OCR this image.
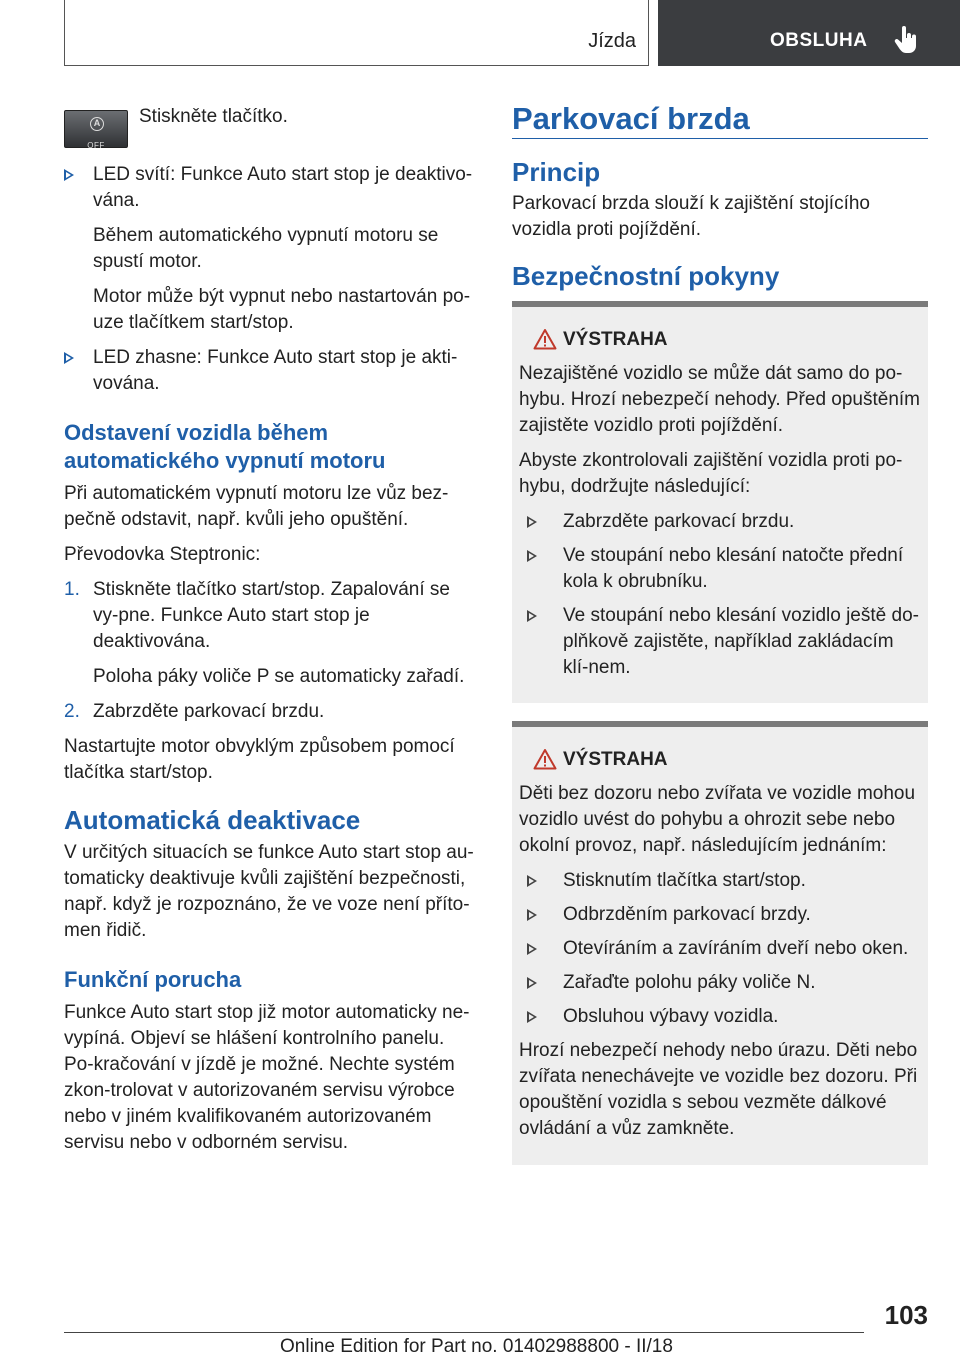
Jízda	OBSLUHA
A
OFF
Stiskněte tlačítko.
LED svítí: Funkce Auto start stop je deaktivo‐vána.
Během automatického vypnutí motoru se spustí motor.
Motor může být vypnut nebo nastartován po‐uze tlačítkem start/stop.
LED zhasne: Funkce Auto start stop je akti‐vována.
Odstavení vozidla během automatického vypnutí motoru
Při automatickém vypnutí motoru lze vůz bez‐pečně odstavit, např. kvůli jeho opuštění.
Převodovka Steptronic:
1. Stiskněte tlačítko start/stop. Zapalování se vy‐pne. Funkce Auto start stop je deaktivována.
Poloha páky voliče P se automaticky zařadí.
2. Zabrzděte parkovací brzdu.
Nastartujte motor obvyklým způsobem pomocí tlačítka start/stop.
Automatická deaktivace
V určitých situacích se funkce Auto start stop au‐tomaticky deaktivuje kvůli zajištění bezpečnosti, např. když je rozpoznáno, že ve voze není příto‐men řidič.
Funkční porucha
Funkce Auto start stop již motor automaticky ne‐vypíná. Objeví se hlášení kontrolního panelu. Po‐kračování v jízdě je možné. Nechte systém zkon‐trolovat v autorizovaném servisu výrobce nebo v jiném kvalifikovaném autorizovaném servisu nebo v odborném servisu.
Parkovací brzda
Princip
Parkovací brzda slouží k zajištění stojícího vozidla proti pojíždění.
Bezpečnostní pokyny
VÝSTRAHA
Nezajištěné vozidlo se může dát samo do po‐hybu. Hrozí nebezpečí nehody. Před opuštěním zajistěte vozidlo proti pojíždění.
Abyste zkontrolovali zajištění vozidla proti po‐hybu, dodržujte následující:
Zabrzděte parkovací brzdu.
Ve stoupání nebo klesání natočte přední kola k obrubníku.
Ve stoupání nebo klesání vozidlo ještě do‐plňkově zajistěte, například zakládacím klí‐nem.
VÝSTRAHA
Děti bez dozoru nebo zvířata ve vozidle mohou vozidlo uvést do pohybu a ohrozit sebe nebo okolní provoz, např. následujícím jednáním:
Stisknutím tlačítka start/stop.
Odbrzděním parkovací brzdy.
Otevíráním a zavíráním dveří nebo oken.
Zařaďte polohu páky voliče N.
Obsluhou výbavy vozidla.
Hrozí nebezpečí nehody nebo úrazu. Děti nebo zvířata nenechávejte ve vozidle bez dozoru. Při opouštění vozidla s sebou vezměte dálkové ovládání a vůz zamkněte.
103
Online Edition for Part no. 01402988800 - II/18
